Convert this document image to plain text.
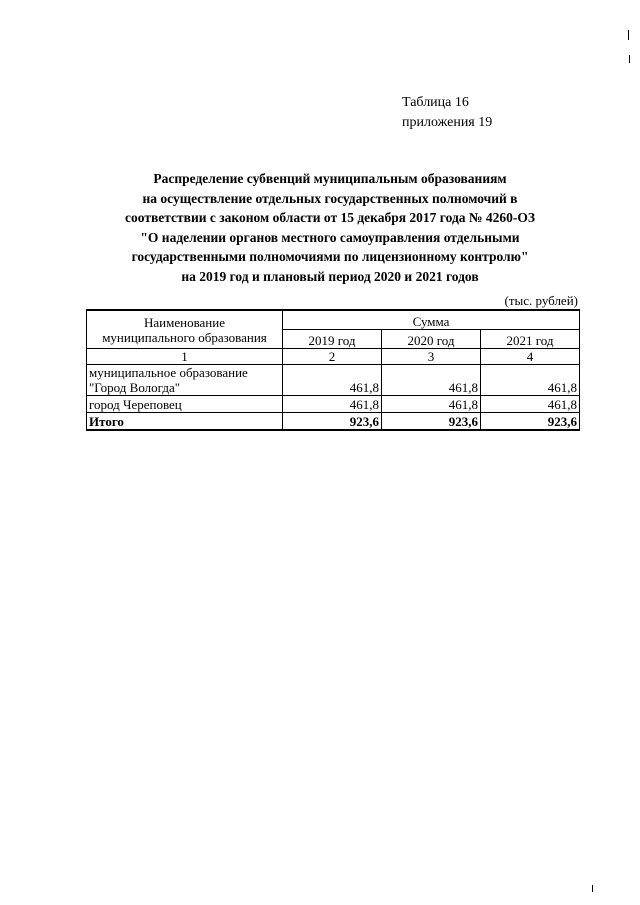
Таблица 16
приложения 19
Распределение субвенций муниципальным образованиям
на осуществление отдельных государственных полномочий в
соответствии с законом области от 15 декабря 2017 года № 4260-ОЗ
"О наделении органов местного самоуправления отдельными
государственными полномочиями по лицензионному контролю"
на 2019 год и плановый период 2020 и 2021 годов
(тыс. рублей)
Наименование
муниципального образования	Сумма		
	2019 год	2020 год	2021 год
1	2	3	4

муниципальное образование
"Город Вологда"	461,8	461,8	461,8
город Череповец	461,8	461,8	461,8
Итого	923,6	923,6	923,6
